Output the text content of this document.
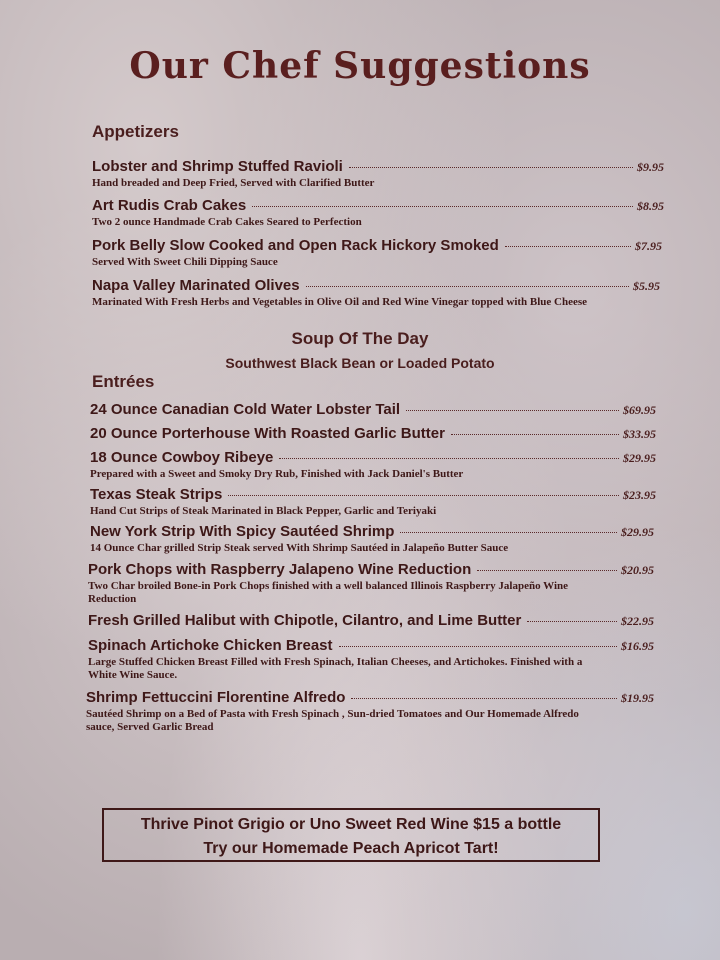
Our Chef Suggestions
Appetizers
Lobster and Shrimp Stuffed Ravioli	$9.95
Hand breaded and Deep Fried, Served with Clarified Butter
Art Rudis Crab Cakes	$8.95
Two 2 ounce Handmade Crab Cakes Seared to Perfection
Pork Belly Slow Cooked and Open Rack Hickory Smoked	$7.95
Served With Sweet Chili Dipping Sauce
Napa Valley Marinated Olives	$5.95
Marinated With Fresh Herbs and Vegetables in Olive Oil and Red Wine Vinegar topped with Blue Cheese
Soup Of The Day
Southwest Black Bean or Loaded Potato
Entrées
24 Ounce Canadian Cold Water Lobster Tail	$69.95
20 Ounce Porterhouse With Roasted Garlic Butter	$33.95
18 Ounce Cowboy Ribeye	$29.95
Prepared with a Sweet and Smoky Dry Rub, Finished with Jack Daniel's Butter
Texas Steak Strips	$23.95
Hand Cut Strips of Steak Marinated in Black Pepper, Garlic and Teriyaki
New York Strip With Spicy Sautéed Shrimp	$29.95
14 Ounce Char grilled Strip Steak served With Shrimp Sautéed in Jalapeño Butter Sauce
Pork Chops with Raspberry Jalapeno Wine Reduction	$20.95
Two Char broiled Bone-in Pork Chops finished with a well balanced Illinois Raspberry Jalapeño Wine Reduction
Fresh Grilled Halibut with Chipotle, Cilantro, and Lime Butter	$22.95
Spinach Artichoke Chicken Breast	$16.95
Large Stuffed Chicken Breast Filled with Fresh Spinach, Italian Cheeses, and Artichokes. Finished with a White Wine Sauce.
Shrimp Fettuccini Florentine Alfredo	$19.95
Sautéed Shrimp on a Bed of Pasta with Fresh Spinach , Sun-dried Tomatoes and Our Homemade Alfredo sauce, Served Garlic Bread
Thrive Pinot Grigio or Uno Sweet Red Wine $15 a bottle
Try our Homemade Peach Apricot Tart!
